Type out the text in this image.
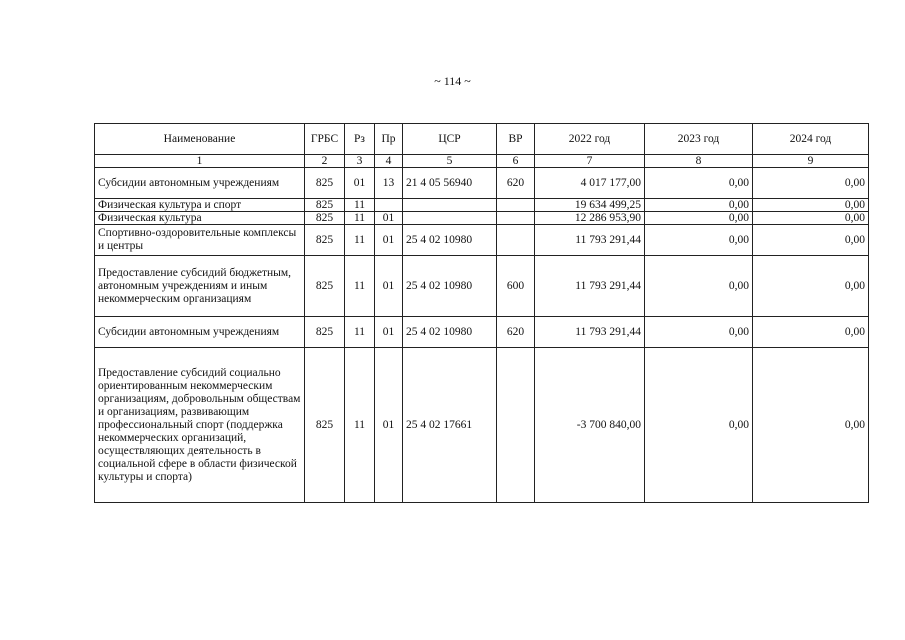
~ 114 ~
Наименование	ГРБС	Рз	Пр	ЦСР	ВР	2022 год	2023 год	2024 год
1	2	3	4	5	6	7	8	9
Субсидии автономным учреждениям	825	01	13	21 4 05 56940	620	4 017 177,00	0,00	0,00
Физическая культура и спорт	825	11				19 634 499,25	0,00	0,00
Физическая культура	825	11	01			12 286 953,90	0,00	0,00
Спортивно-оздоровительные комплексы и центры	825	11	01	25 4 02 10980		11 793 291,44	0,00	0,00
Предоставление субсидий бюджетным, автономным учреждениям и иным некоммерческим организациям	825	11	01	25 4 02 10980	600	11 793 291,44	0,00	0,00
Субсидии автономным учреждениям	825	11	01	25 4 02 10980	620	11 793 291,44	0,00	0,00
Предоставление субсидий социально ориентированным некоммерческим организациям, добровольным обществам и организациям, развивающим профессиональный спорт (поддержка некоммерческих организаций, осуществляющих деятельность в социальной сфере в области физической культуры и спорта)	825	11	01	25 4 02 17661		-3 700 840,00	0,00	0,00
